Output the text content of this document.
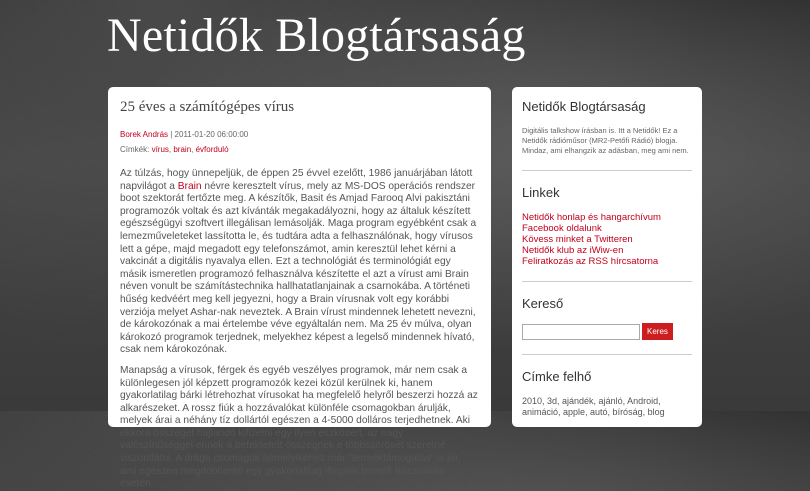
Netidők Blogtársaság
25 éves a számítógépes vírus
Borek András | 2011-01-20 06:00:00
Címkék: vírus, brain, évforduló

Az túlzás, hogy ünnepeljük, de éppen 25 évvel ezelőtt, 1986 januárjában látott napvilágot a Brain névre keresztelt vírus, mely az MS-DOS operációs rendszer boot szektorát fertőzte meg. A készítők, Basit és Amjad Farooq Alvi pakisztáni programozók voltak és azt kívánták megakadályozni, hogy az általuk készített egészségügyi szoftvert illegálisan lemásolják. Maga program egyébként csak a lemezműveleteket lassította le, és tudtára adta a felhasználónak, hogy vírusos lett a gépe, majd megadott egy telefonszámot, amin keresztül lehet kérni a vakcinát a digitális nyavalya ellen. Ezt a technológiát és terminológiát egy másik ismeretlen programozó felhasználva készítette el azt a vírust ami Brain néven vonult be számítástechnika hallhatatlanjainak a csarnokába. A történeti hűség kedvéért meg kell jegyezni, hogy a Brain vírusnak volt egy korábbi verziója melyet Ashar-nak neveztek. A Brain vírust mindennek lehetett nevezni, de károkozónak a mai értelembe véve egyáltalán nem. Ma 25 év múlva, olyan károkozó programok terjednek, melyekhez képest a legelső mindennek hívató, csak nem károkozónak.

Manapság a vírusok, férgek és egyéb veszélyes programok, már nem csak a különlegesen jól képzett programozók kezei közül kerülnek ki, hanem gyakorlatilag bárki létrehozhat vírusokat ha megfelelő helyről beszerzi hozzá az alkarészeket. A rossz fiúk a hozzávalókat különféle csomagokban árulják, melyek árai a néhány tíz dollártól egészen a 4-5000 dolláros terjedhetnek. Aki ekkora összeget hajlandó kifizetni egy ilyen eszközért, az nagy valószínűséggel ennek a befektetett összegnek e többszörösét szeretné viszontlátni. A drága csomagok némelyikéhez már "terméktámogatás" is jár, ami egészen megdöbbentő egy gyakorlatilag illegális termék használata esetén.

Netidők Blogtársaság

Digitális talkshow írásban is. Itt a Netidők! Ez a Netidők rádióműsor (MR2-Petőfi Rádió) blogja. Mindaz, ami elhangzik az adásban, meg ami nem.

Linkek
Netidők honlap és hangarchívum
Facebook oldalunk
Kövess minket a Twitteren
Netidők klub az iWiw-en
Feliratkozás az RSS hírcsatorna
Kereső
Keres
Címke felhő
2010, 3d, ajándék, ajánló, Android,
animáció, apple, autó, bíróság, blog
